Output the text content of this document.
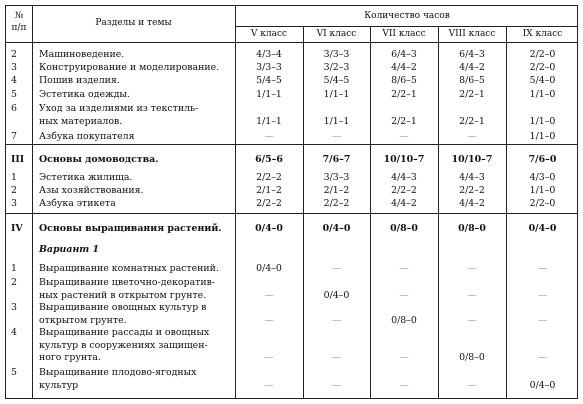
№
п/п	Разделы и темы
Количество часов
V класс	VI класс	VII класс	VIII класс	IX класс
2 Машиноведение.	4/3–4	3/3–3	6/4–3	6/4–3	2/2–0
3 Конструирование и моделирование.	3/3–3	3/2–3	4/4–2	4/4–2	2/2–0
4 Пошив изделия.	5/4–5	5/4–5	8/6–5	8/6–5	5/4–0
5 Эстетика одежды.	1/1–1	1/1–1	2/2–1	2/2–1	1/1–0
6 Уход за изделиями из текстиль-
ных материалов.	1/1–1	1/1–1	2/2–1	2/2–1	1/1–0
7 Азбука покупателя	—	—	—	—	1/1–0
III Основы домоводства.	6/5–6	7/6–7	10/10–7	10/10–7	7/6–0
1 Эстетика жилища.	2/2–2	3/3–3	4/4–3	4/4–3	4/3–0
2 Азы хозяйствования.	2/1–2	2/1–2	2/2–2	2/2–2	1/1–0
3 Азбука этикета	2/2–2	2/2–2	4/4–2	4/4–2	2/2–0
IV Основы выращивания растений.	0/4–0	0/4–0	0/8–0	0/8–0	0/4–0
Вариант 1
1 Выращивание комнатных растений.	0/4–0	—	—	—	—
2 Выращивание цветочно-декоратив-
ных растений в открытом грунте.	—	0/4–0	—	—	—
3 Выращивание овощных культур в
открытом грунте.	—	—	0/8–0	—	—
4 Выращивание рассады и овощных
культур в сооружениях защищен-
ного грунта.	—	—	—	0/8–0	—
5 Выращивание плодово-ягодных
культур	—	—	—	—	0/4–0
